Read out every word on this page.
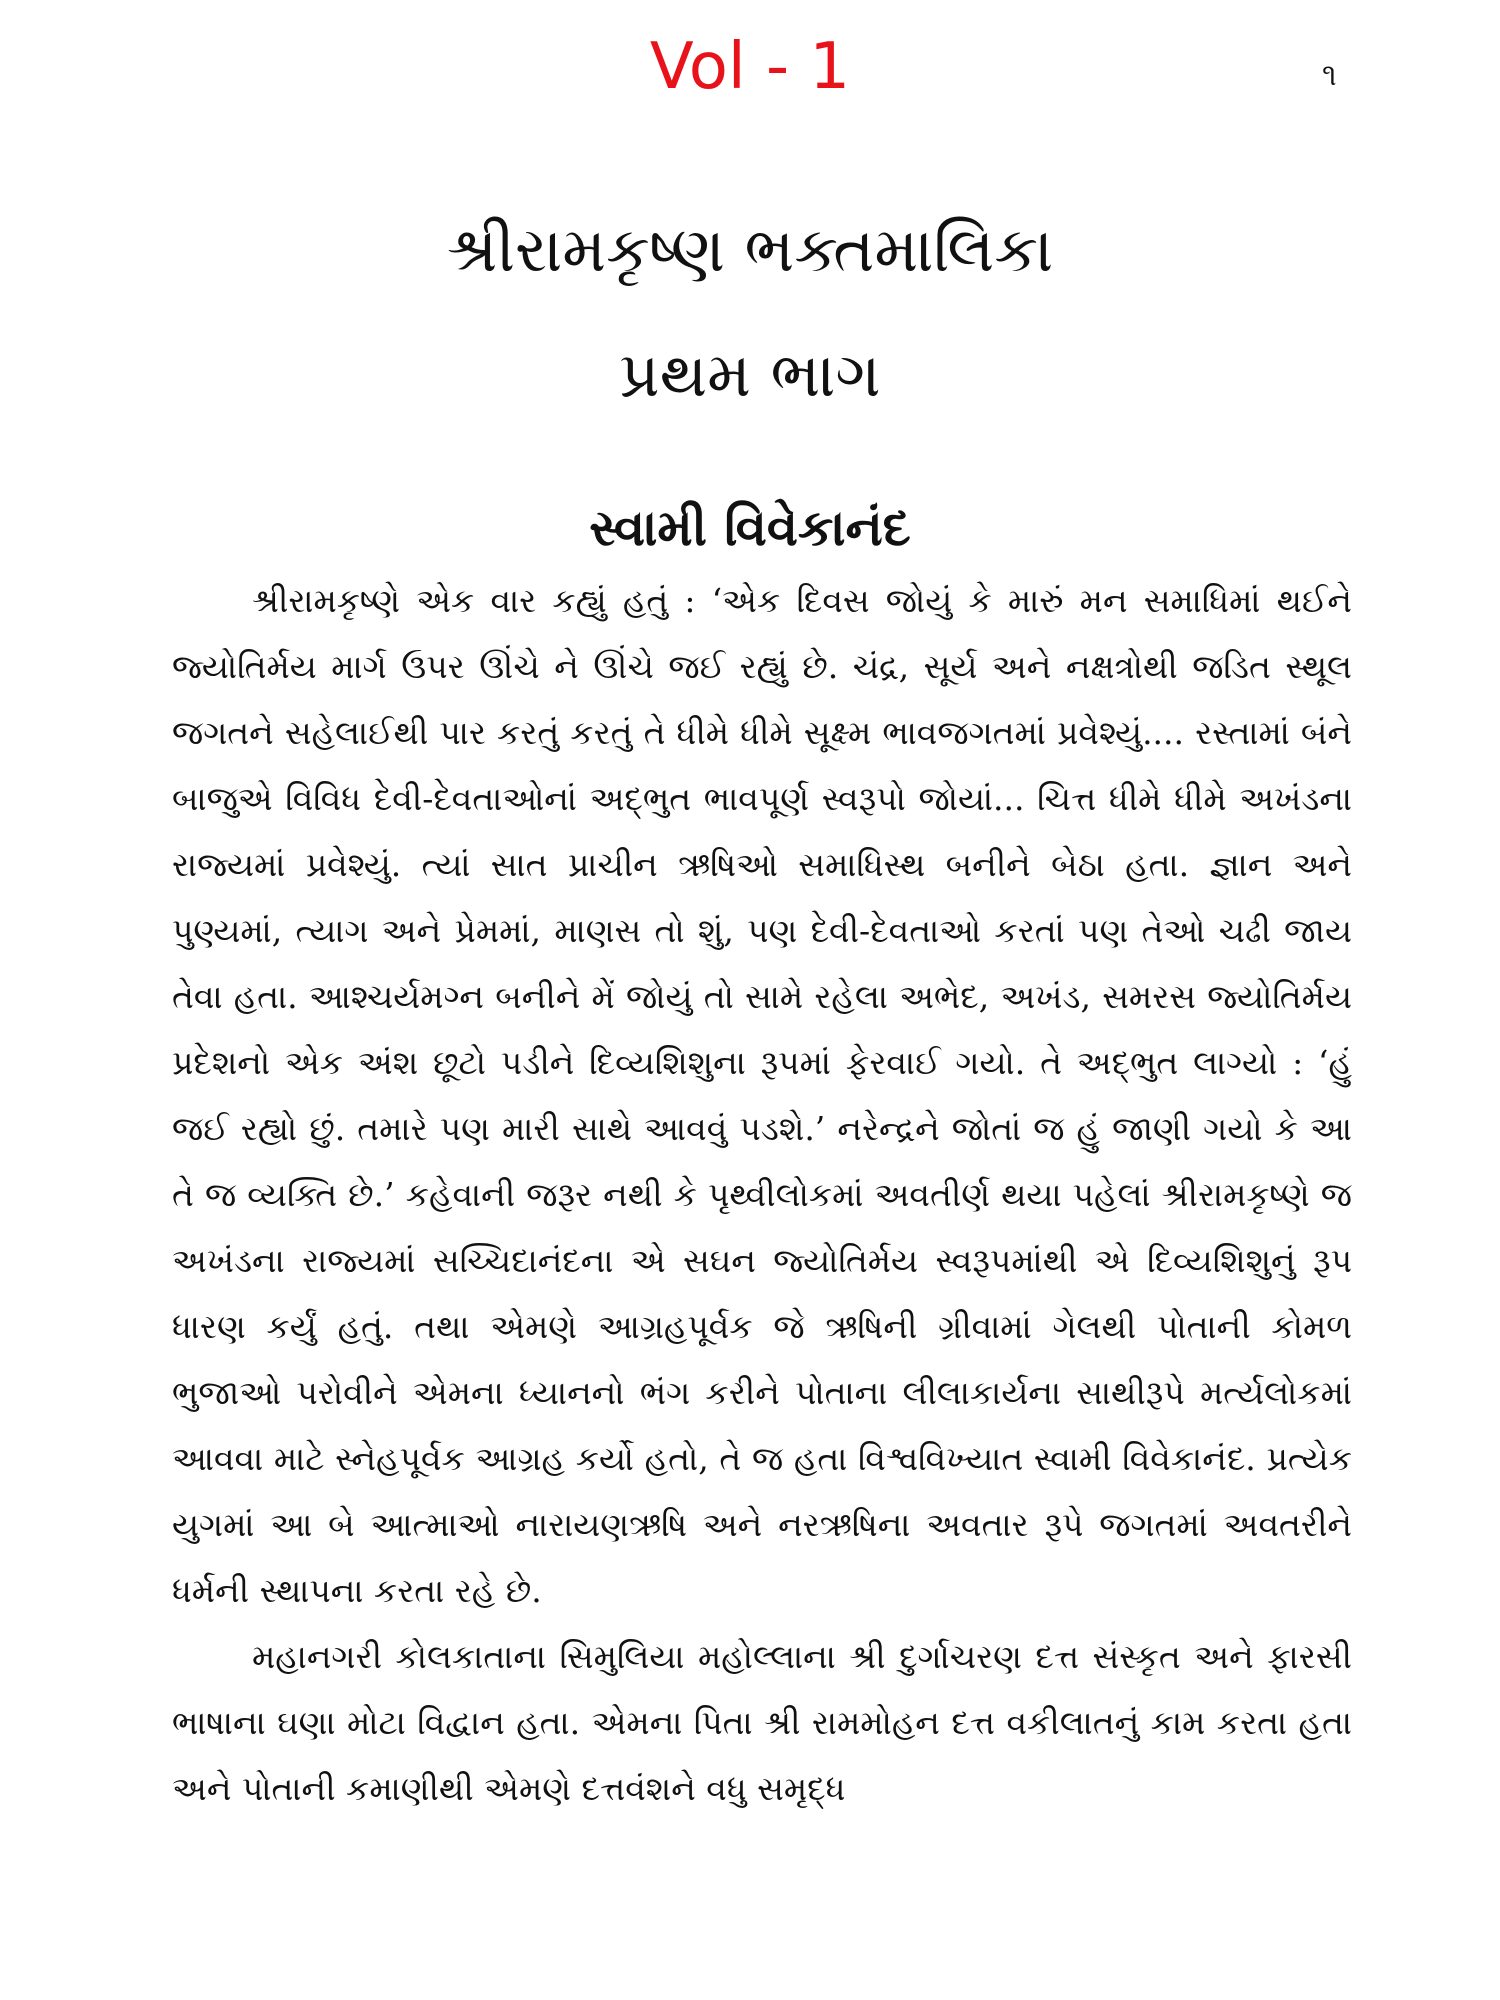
Vol - 1	૧
શ્રીરામકૃષ્ણ ભક્તમાલિકા
પ્રથમ ભાગ
સ્વામી વિવેકાનંદ

શ્રીરામકૃષ્ણે એક વાર કહ્યું હતું : ‘એક દિવસ જોયું કે મારું મન સમાધિમાં થઈને જ્યોતિર્મય માર્ગ ઉપર ઊંચે ને ઊંચે જઈ રહ્યું છે. ચંદ્ર, સૂર્ય અને નક્ષત્રોથી જડિત સ્થૂલ જગતને સહેલાઈથી પાર કરતું કરતું તે ધીમે ધીમે સૂક્ષ્મ ભાવજગતમાં પ્રવેશ્યું.... રસ્તામાં બંને બાજુએ વિવિધ દેવી-દેવતાઓનાં અદ્ભુત ભાવપૂર્ણ સ્વરૂપો જોયાં... ચિત્ત ધીમે ધીમે અખંડના રાજ્યમાં પ્રવેશ્યું. ત્યાં સાત પ્રાચીન ઋષિઓ સમાધિસ્થ બનીને બેઠા હતા. જ્ઞાન અને પુણ્યમાં, ત્યાગ અને પ્રેમમાં, માણસ તો શું, પણ દેવી-દેવતાઓ કરતાં પણ તેઓ ચઢી જાય તેવા હતા. આશ્ચર્યમગ્ન બનીને મેં જોયું તો સામે રહેલા અભેદ, અખંડ, સમરસ જ્યોતિર્મય પ્રદેશનો એક અંશ છૂટો પડીને દિવ્યશિશુના રૂપમાં ફેરવાઈ ગયો. તે અદ્ભુત લાગ્યો : ‘હું જઈ રહ્યો છું. તમારે પણ મારી સાથે આવવું પડશે.’ નરેન્દ્રને જોતાં જ હું જાણી ગયો કે આ તે જ વ્યક્તિ છે.’ કહેવાની જરૂર નથી કે પૃથ્વીલોકમાં અવતીર્ણ થયા પહેલાં શ્રીરામકૃષ્ણે જ અખંડના રાજ્યમાં સચ્ચિદાનંદના એ સઘન જ્યોતિર્મય સ્વરૂપમાંથી એ દિવ્યશિશુનું રૂપ ધારણ કર્યું હતું. તથા એમણે આગ્રહપૂર્વક જે ઋષિની ગ્રીવામાં ગેલથી પોતાની કોમળ ભુજાઓ પરોવીને એમના ધ્યાનનો ભંગ કરીને પોતાના લીલાકાર્યના સાથીરૂપે મર્ત્યલોકમાં આવવા માટે સ્નેહપૂર્વક આગ્રહ કર્યો હતો, તે જ હતા વિશ્વવિખ્યાત સ્વામી વિવેકાનંદ. પ્રત્યેક યુગમાં આ બે આત્માઓ નારાયણઋષિ અને નરઋષિના અવતાર રૂપે જગતમાં અવતરીને ધર્મની સ્થાપના કરતા રહે છે.

મહાનગરી કોલકાતાના સિમુલિયા મહોલ્લાના શ્રી દુર્ગાચરણ દત્ત સંસ્કૃત અને ફારસી ભાષાના ઘણા મોટા વિદ્વાન હતા. એમના પિતા શ્રી રામમોહન દત્ત વકીલાતનું કામ કરતા હતા અને પોતાની કમાણીથી એમણે દત્તવંશને વધુ સમૃદ્ધ
